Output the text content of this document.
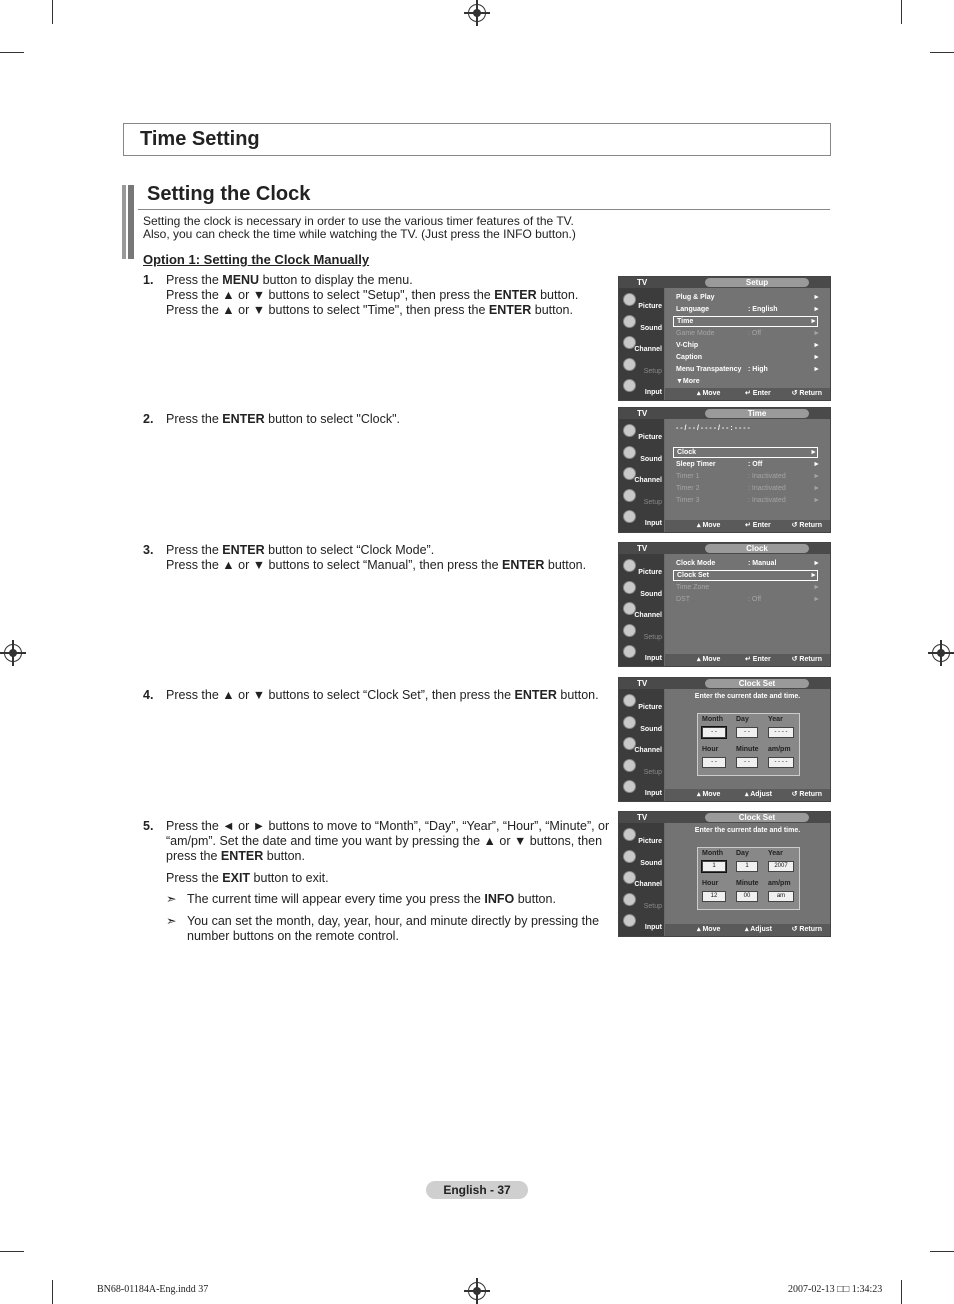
Time Setting
Setting the Clock
Setting the clock is necessary in order to use the various timer features of the TV.
Also, you can check the time while watching the TV. (Just press the INFO button.)
Option 1: Setting the Clock Manually
1. Press the MENU button to display the menu.
Press the ▲ or ▼ buttons to select "Setup", then press the ENTER button.
Press the ▲ or ▼ buttons to select "Time", then press the ENTER button.
2. Press the ENTER button to select "Clock".
3. Press the ENTER button to select “Clock Mode”.
Press the ▲ or ▼ buttons to select “Manual”, then press the ENTER button.
4. Press the ▲ or ▼ buttons to select “Clock Set”, then press the ENTER button.
5. Press the ◄ or ► buttons to move to “Month”, “Day”, “Year”, “Hour”, “Minute”, or “am/pm”. Set the date and time you want by pressing the ▲ or ▼ buttons, then press the ENTER button.
Press the EXIT button to exit.
➣ The current time will appear every time you press the INFO button.
➣ You can set the month, day, year, hour, and minute directly by pressing the number buttons on the remote control.
TV	Setup
Picture
Sound
Channel
Setup
Input
Plug & Play	►
Language	: English	►
Time	►
Game Mode	: Off	►
V-Chip	►
Caption	►
Menu Transpatency : High	►
▼More
▴ Move	↵ Enter	↺ Return
TV	Time
Picture
Sound
Channel
Setup
Input
- - / - - / - - - - / - - : - - - -
Clock	►
Sleep Timer	: Off	►
Timer 1	: Inactivated	►
Timer 2	: Inactivated	►
Timer 3	: Inactivated	►
▴ Move	↵ Enter	↺ Return
TV	Clock
Picture
Sound
Channel
Setup
Input
Clock Mode	: Manual	►
Clock Set	►
Time Zone	►
DST	: Off	►
▴ Move	↵ Enter	↺ Return
TV	Clock Set
Picture
Sound
Channel
Setup
Input
Enter the current date and time.
Month Day	Year
- -	- -	- - - -
Hour	Minute am/pm
- -	- -	- - - -
▴ Move	▴ Adjust	↺ Return
TV	Clock Set
Picture
Sound
Channel
Setup
Input
Enter the current date and time.
Month Day	Year
1	1	2007
Hour	Minute am/pm
12	00	am
▴ Move	▴ Adjust	↺ Return
English - 37
BN68-01184A-Eng.indd 37	2007-02-13 □□ 1:34:23
